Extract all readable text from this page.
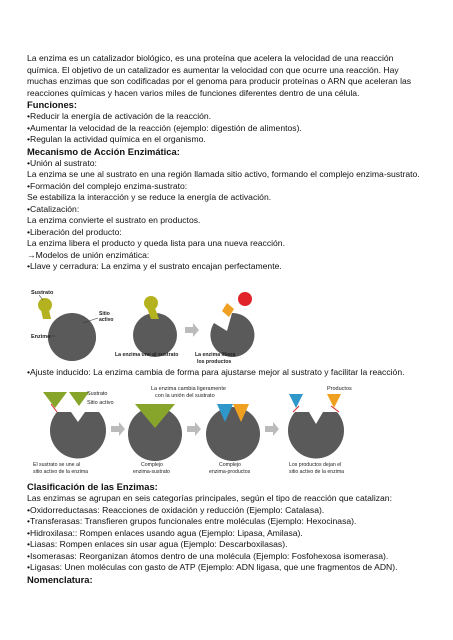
La enzima es un catalizador biológico, es una proteína que acelera la velocidad de una reacción química. El objetivo de un catalizador es aumentar la velocidad con que ocurre una reacción. Hay muchas enzimas que son codificadas por el genoma para producir proteínas o ARN que aceleran las reacciones químicas y hacen varios miles de funciones diferentes dentro de una célula.

Funciones:

•Reducir la energía de activación de la reacción.

•Aumentar la velocidad de la reacción (ejemplo: digestión de alimentos).

•Regulan la actividad química en el organismo.

Mecanismo de Acción Enzimática:

•Unión al sustrato:

La enzima se une al sustrato en una región llamada sitio activo, formando el complejo enzima-sustrato.

•Formación del complejo enzima-sustrato:

Se estabiliza la interacción y se reduce la energía de activación.

•Catalización:

La enzima convierte el sustrato en productos.

•Liberación del producto:

La enzima libera el producto y queda lista para una nueva reacción.

→Modelos de unión enzimática:

•Llave y cerradura: La enzima y el sustrato encajan perfectamente.

Sustrato
Sitio
activo
Enzima
La enzima une al sustrato	La enzima libera
los productos
•Ajuste inducido: La enzima cambia de forma para ajustarse mejor al sustrato y facilitar la reacción.
Sustrato
Sitio activo
La enzima cambia ligeramente
con la unión del sustrato
Productos
El sustrato se une al
sitio activo de la enzima
Complejo
enzima-sustrato
Complejo
enzima-productos
Los productos dejan el
sitio activo de la enzima

Clasificación de las Enzimas:

Las enzimas se agrupan en seis categorías principales, según el tipo de reacción que catalizan:

•Oxidorreductasas: Reacciones de oxidación y reducción (Ejemplo: Catalasa).

•Transferasas: Transfieren grupos funcionales entre moléculas (Ejemplo: Hexocinasa).

•Hidroxilasa:: Rompen enlaces usando agua (Ejemplo: Lipasa, Amilasa).

•Liasas: Rompen enlaces sin usar agua (Ejemplo: Descarboxilasas).

•Isomerasas: Reorganizan átomos dentro de una molécula (Ejemplo: Fosfohexosa isomerasa).

•Ligasas: Unen moléculas con gasto de ATP (Ejemplo: ADN ligasa, que une fragmentos de ADN).

Nomenclatura:
